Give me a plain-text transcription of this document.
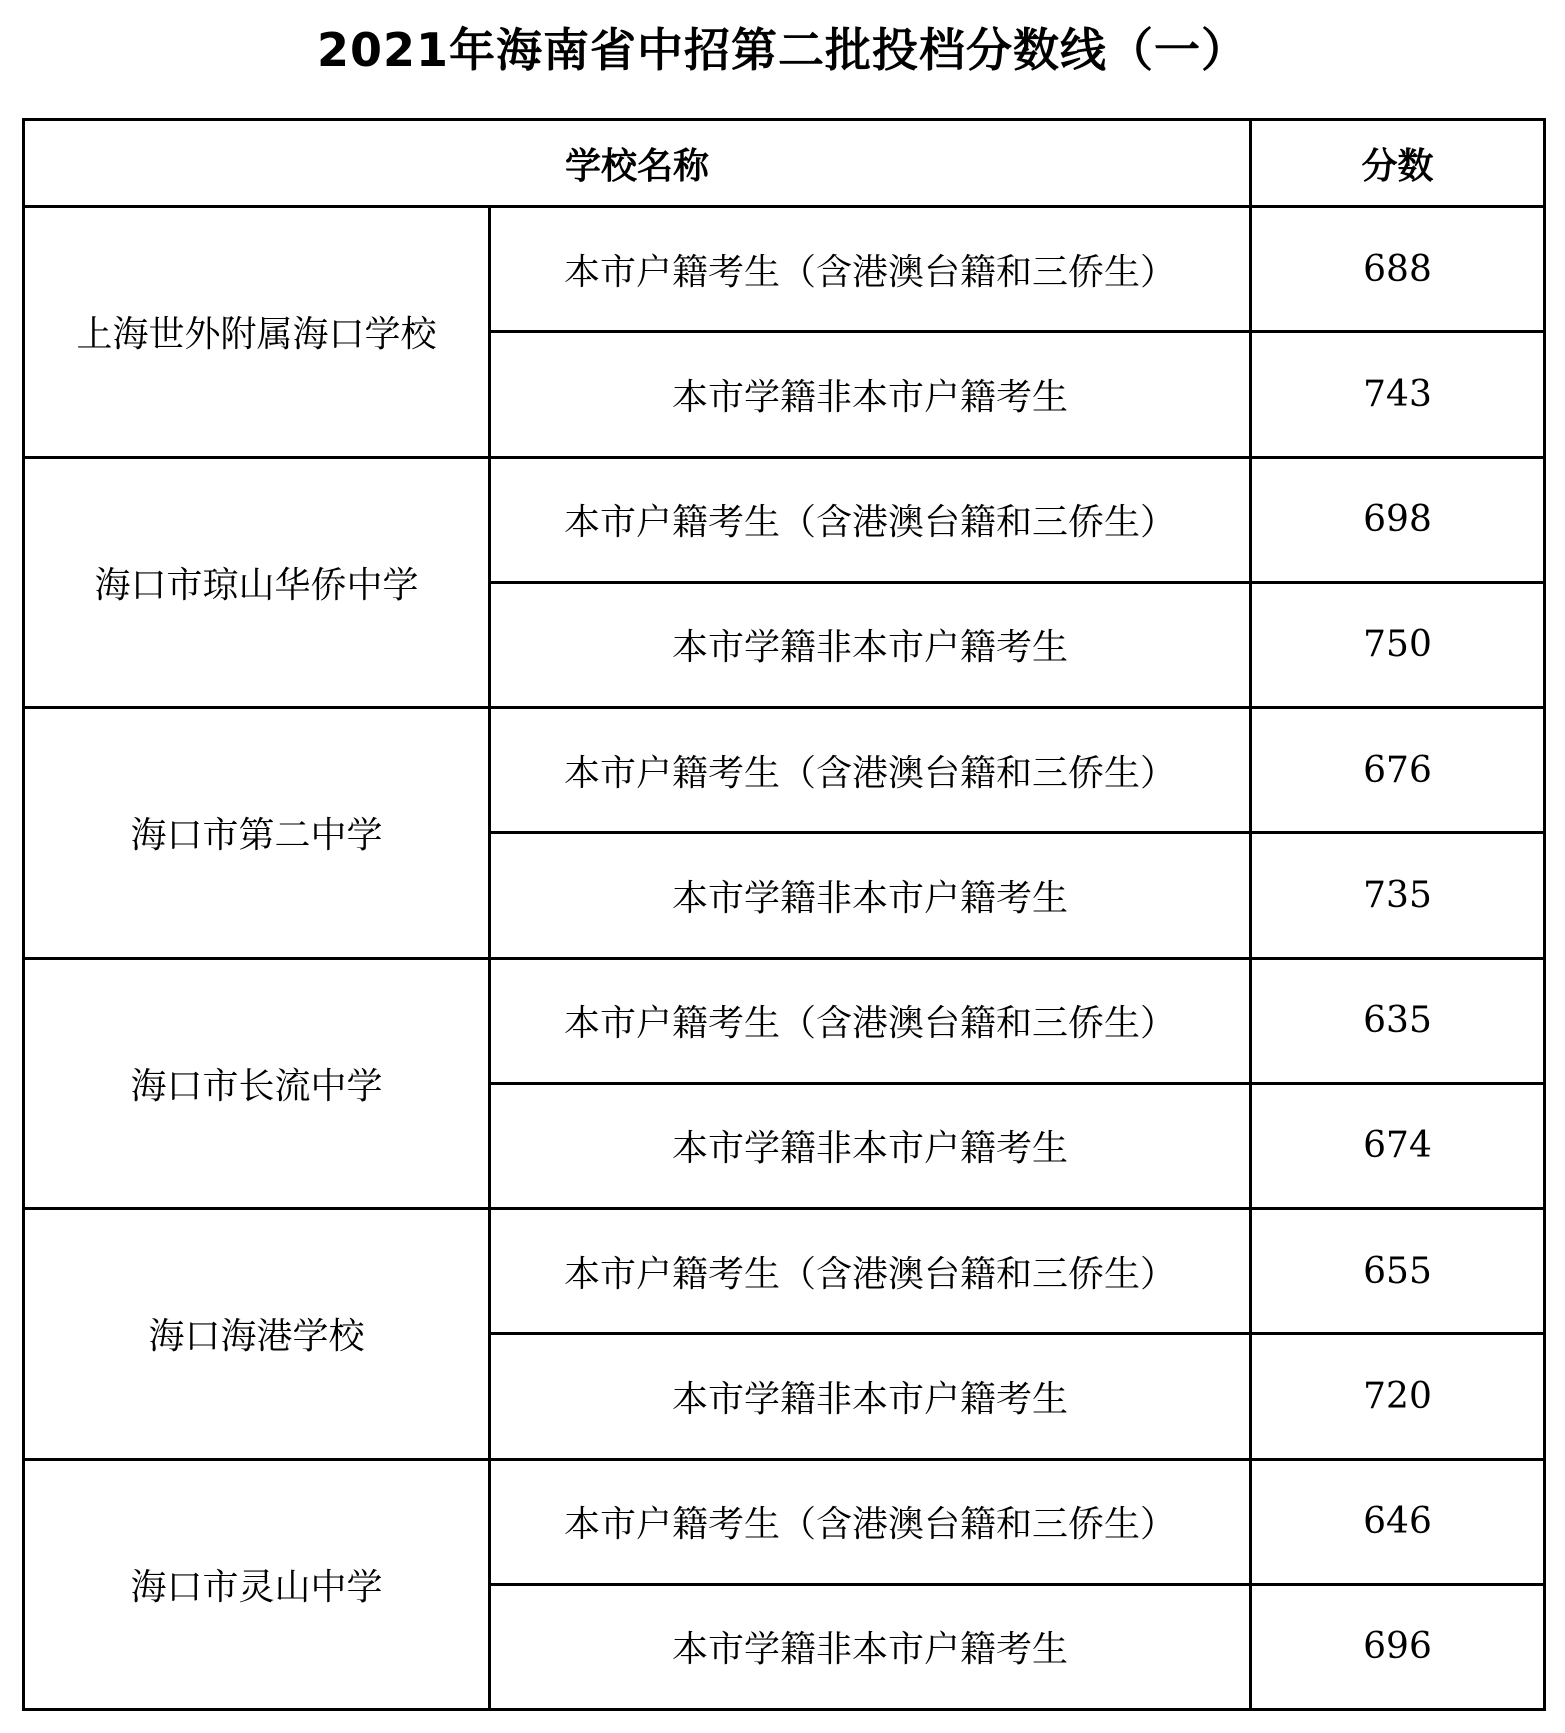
2021年海南省中招第二批投档分数线（一）
学校名称		分数
上海世外附属海口学校	本市户籍考生（含港澳台籍和三侨生）	688
	本市学籍非本市户籍考生	743
海口市琼山华侨中学	本市户籍考生（含港澳台籍和三侨生）	698
	本市学籍非本市户籍考生	750
海口市第二中学	本市户籍考生（含港澳台籍和三侨生）	676
	本市学籍非本市户籍考生	735
海口市长流中学	本市户籍考生（含港澳台籍和三侨生）	635
	本市学籍非本市户籍考生	674
海口海港学校	本市户籍考生（含港澳台籍和三侨生）	655
	本市学籍非本市户籍考生	720
海口市灵山中学	本市户籍考生（含港澳台籍和三侨生）	646
	本市学籍非本市户籍考生	696
